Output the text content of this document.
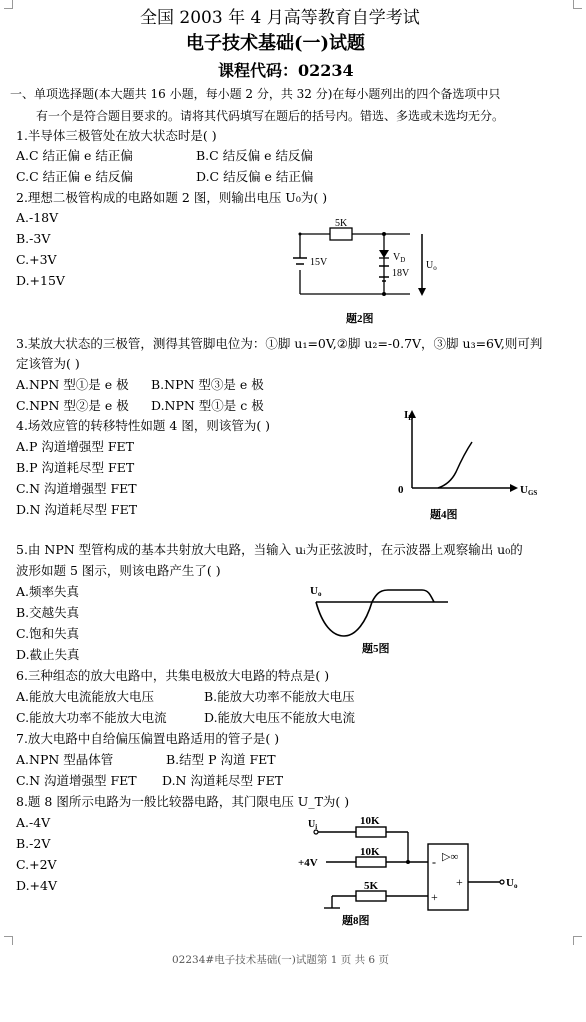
全国 2003 年 4 月高等教育自学考试
电子技术基础(一)试题
课程代码：02234
一、单项选择题(本大题共 16 小题，每小题 2 分，共 32 分)在每小题列出的四个备选项中只
有一个是符合题目要求的。请将其代码填写在题后的括号内。错选、多选或未选均无分。
1.半导体三极管处在放大状态时是( )
A.C 结正偏 e 结正偏	B.C 结反偏 e 结反偏
C.C 结正偏 e 结反偏	D.C 结反偏 e 结正偏
2.理想二极管构成的电路如题 2 图，则输出电压 U₀为( )
A.-18V
B.-3V
C.+3V
D.+15V
5K
15V	$V_D$
18V
$U_o$
题2图
3.某放大状态的三极管，测得其管脚电位为：①脚 u₁=0V,②脚 u₂=-0.7V，③脚 u₃=6V,则可判
定该管为( )
A.NPN 型①是 e 极 B.NPN 型③是 e 极
C.NPN 型②是 e 极 D.NPN 型①是 c 极
4.场效应管的转移特性如题 4 图，则该管为( )
A.P 沟道增强型 FET
B.P 沟道耗尽型 FET
C.N 沟道增强型 FET
D.N 沟道耗尽型 FET
ID
UGS
0
题4图
5.由 NPN 型管构成的基本共射放大电路，当输入 uᵢ为正弦波时，在示波器上观察输出 u₀的
波形如题 5 图示，则该电路产生了( )
A.频率失真
B.交越失真
C.饱和失真
D.截止失真
Uo
题5图
6.三种组态的放大电路中，共集电极放大电路的特点是( )
A.能放大电流能放大电压	B.能放大功率不能放大电压
C.能放大功率不能放大电流	D.能放大电压不能放大电流
7.放大电路中自给偏压偏置电路适用的管子是( )
A.NPN 型晶体管	B.结型 P 沟道 FET
C.N 沟道增强型 FET D.N 沟道耗尽型 FET
8.题 8 图所示电路为一般比较器电路，其门限电压 U_T为( )
A.-4V
B.-2V
C.+2V
D.+4V
$U_i$	10K
+4V
10K
5K
▷∞
-
+
+
Uo
题8图
02234#电子技术基础(一)试题第 1 页 共 6 页
